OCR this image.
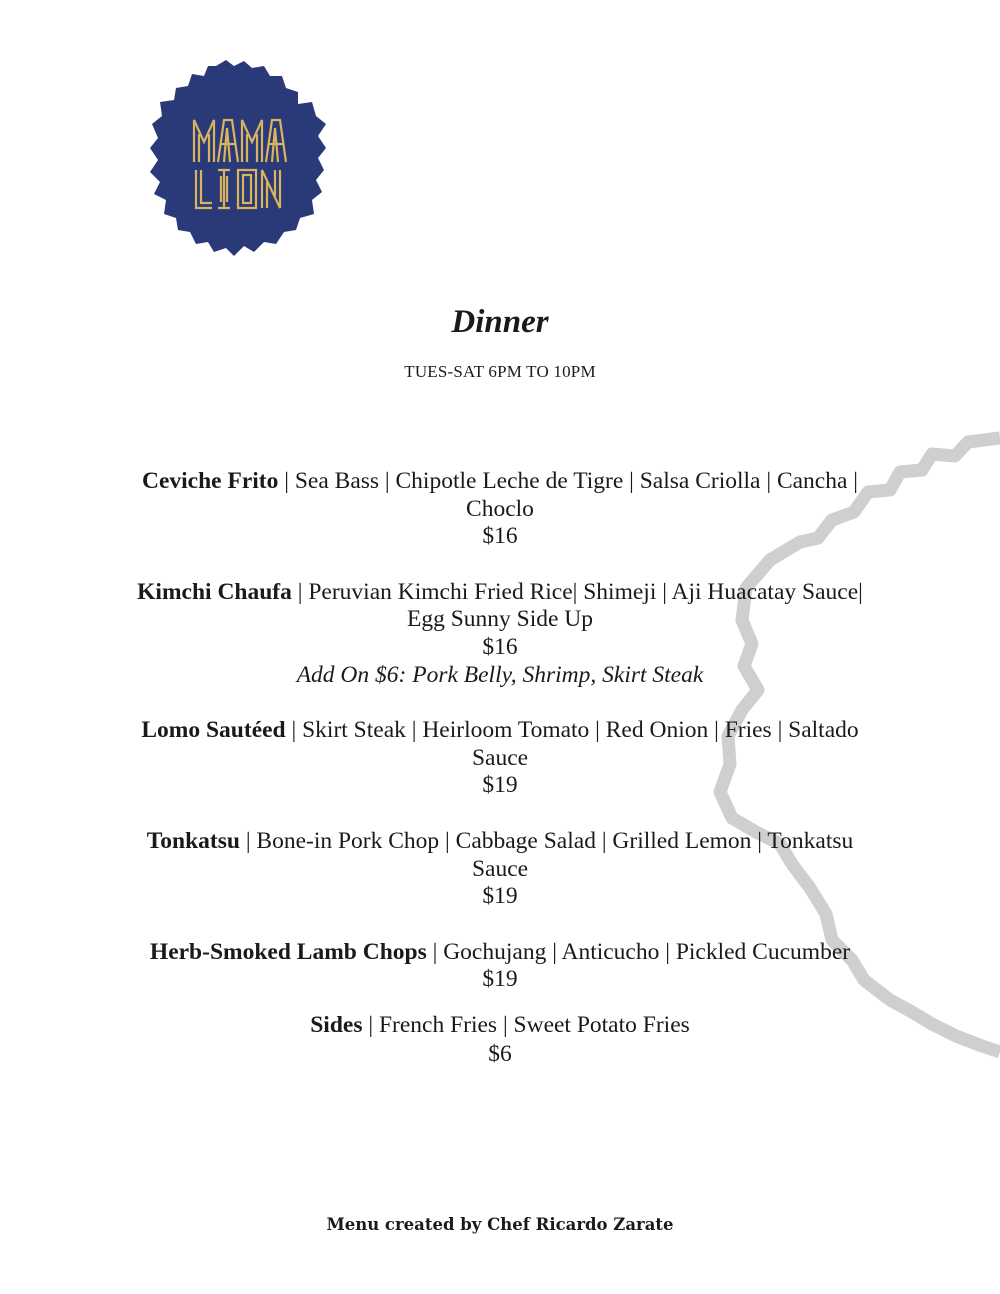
Dinner
TUES-SAT 6PM TO 10PM

Ceviche Frito | Sea Bass | Chipotle Leche de Tigre | Salsa Criolla | Cancha | Choclo
$16

Kimchi Chaufa | Peruvian Kimchi Fried Rice| Shimeji | Aji Huacatay Sauce| Egg Sunny Side Up
$16
Add On $6: Pork Belly, Shrimp, Skirt Steak

Lomo Sautéed | Skirt Steak | Heirloom Tomato | Red Onion | Fries | Saltado Sauce
$19

Tonkatsu | Bone-in Pork Chop | Cabbage Salad | Grilled Lemon | Tonkatsu Sauce
$19

Herb-Smoked Lamb Chops | Gochujang | Anticucho | Pickled Cucumber
$19

Sides | French Fries | Sweet Potato Fries
$6

Menu created by Chef Ricardo Zarate
